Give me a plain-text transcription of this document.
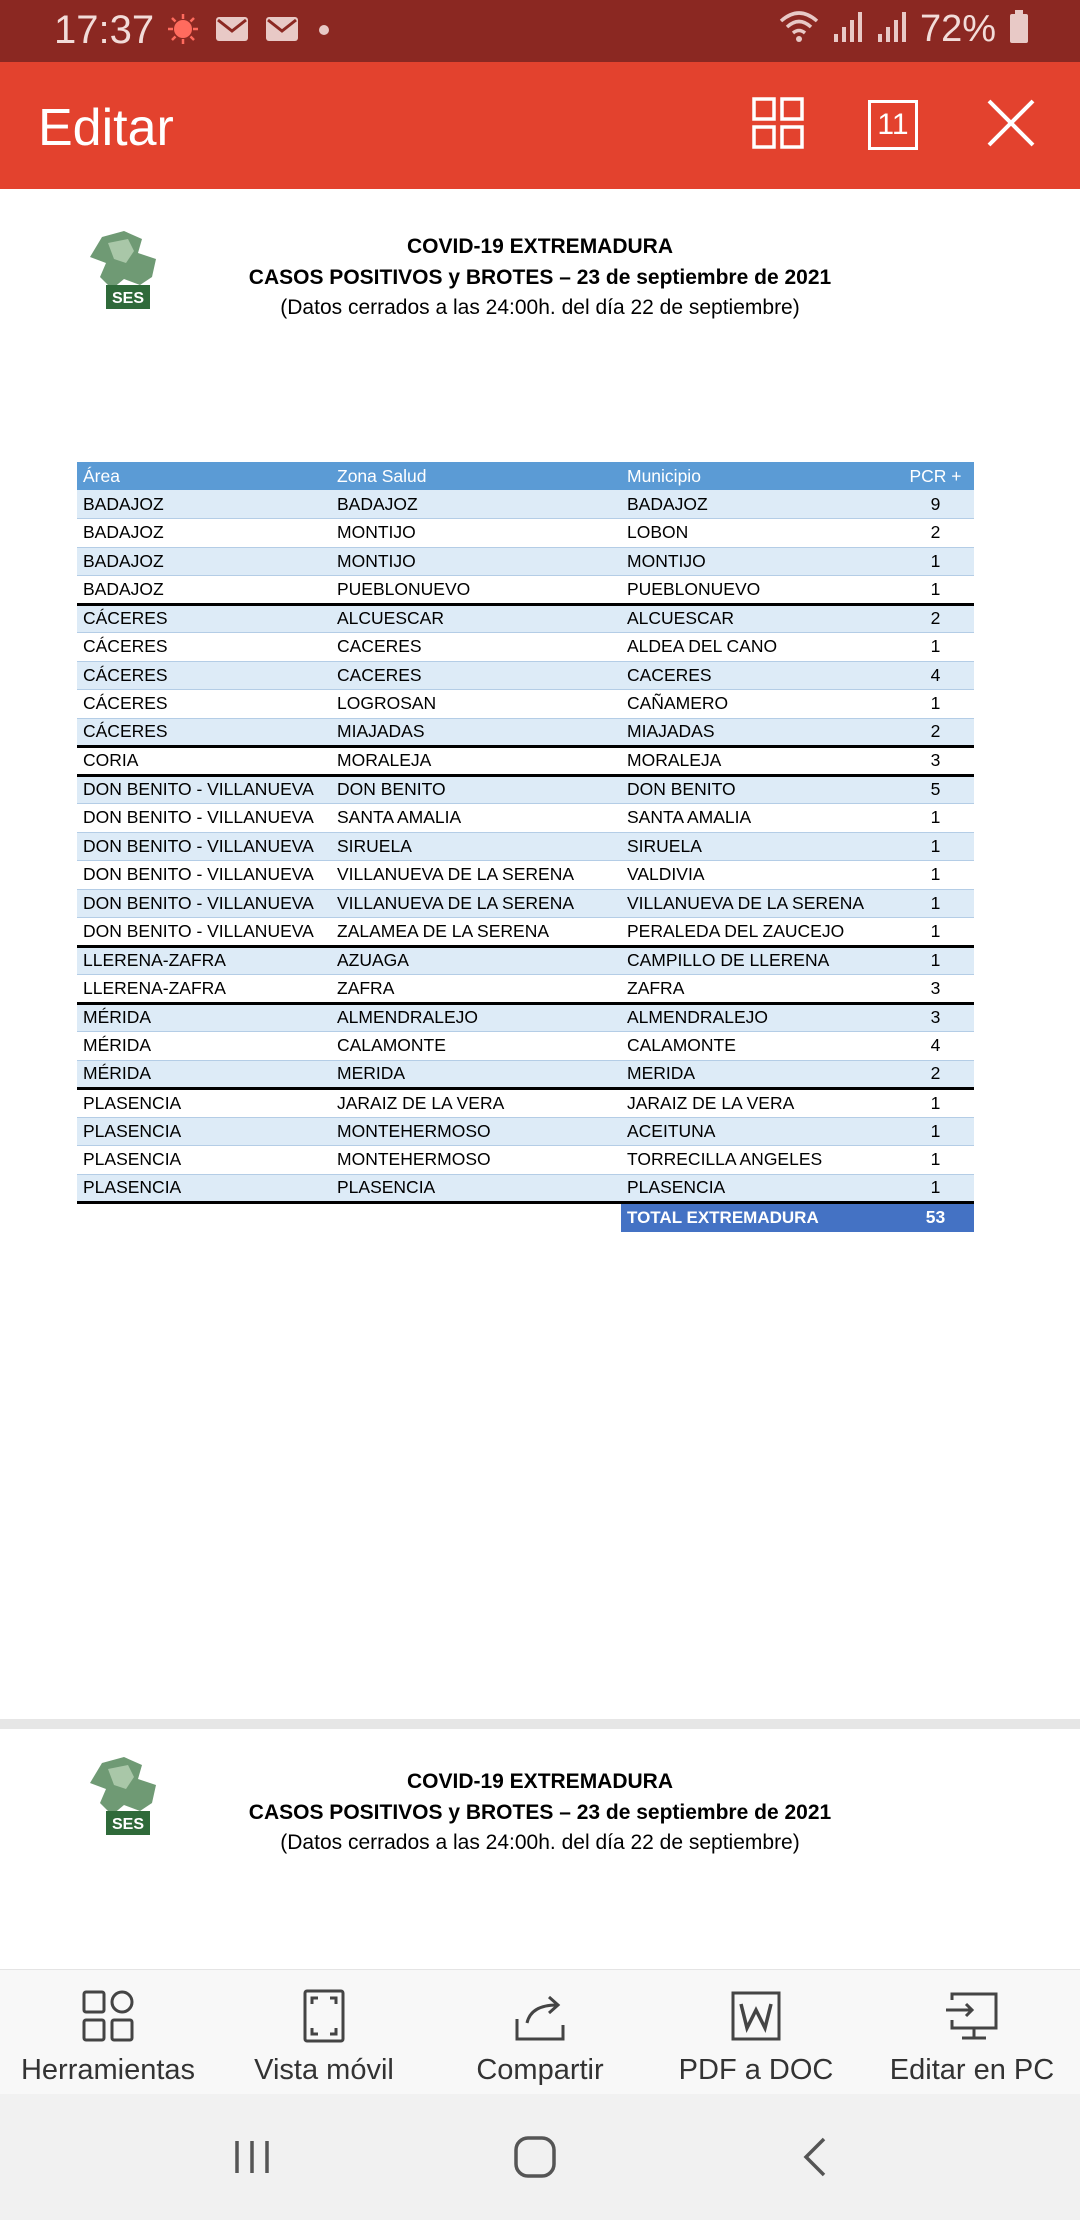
17:37	72%
Editar	11
SES
COVID-19 EXTREMADURA
CASOS POSITIVOS y BROTES – 23 de septiembre de 2021
(Datos cerrados a las 24:00h. del día 22 de septiembre)
Área	Zona Salud	Municipio	PCR +
BADAJOZ	BADAJOZ	BADAJOZ	9
BADAJOZ	MONTIJO	LOBON	2
BADAJOZ	MONTIJO	MONTIJO	1
BADAJOZ	PUEBLONUEVO	PUEBLONUEVO	1
CÁCERES	ALCUESCAR	ALCUESCAR	2
CÁCERES	CACERES	ALDEA DEL CANO	1
CÁCERES	CACERES	CACERES	4
CÁCERES	LOGROSAN	CAÑAMERO	1
CÁCERES	MIAJADAS	MIAJADAS	2
CORIA	MORALEJA	MORALEJA	3
DON BENITO - VILLANUEVA	DON BENITO	DON BENITO	5
DON BENITO - VILLANUEVA	SANTA AMALIA	SANTA AMALIA	1
DON BENITO - VILLANUEVA	SIRUELA	SIRUELA	1
DON BENITO - VILLANUEVA	VILLANUEVA DE LA SERENA	VALDIVIA	1
DON BENITO - VILLANUEVA	VILLANUEVA DE LA SERENA	VILLANUEVA DE LA SERENA	1
DON BENITO - VILLANUEVA	ZALAMEA DE LA SERENA	PERALEDA DEL ZAUCEJO	1
LLERENA-ZAFRA	AZUAGA	CAMPILLO DE LLERENA	1
LLERENA-ZAFRA	ZAFRA	ZAFRA	3
MÉRIDA	ALMENDRALEJO	ALMENDRALEJO	3
MÉRIDA	CALAMONTE	CALAMONTE	4
MÉRIDA	MERIDA	MERIDA	2
PLASENCIA	JARAIZ DE LA VERA	JARAIZ DE LA VERA	1
PLASENCIA	MONTEHERMOSO	ACEITUNA	1
PLASENCIA	MONTEHERMOSO	TORRECILLA ANGELES	1
PLASENCIA	PLASENCIA	PLASENCIA	1
		TOTAL EXTREMADURA	53
SES
COVID-19 EXTREMADURA
CASOS POSITIVOS y BROTES – 23 de septiembre de 2021
(Datos cerrados a las 24:00h. del día 22 de septiembre)
Herramientas Vista móvil	Compartir	PDF a DOC Editar en PC
